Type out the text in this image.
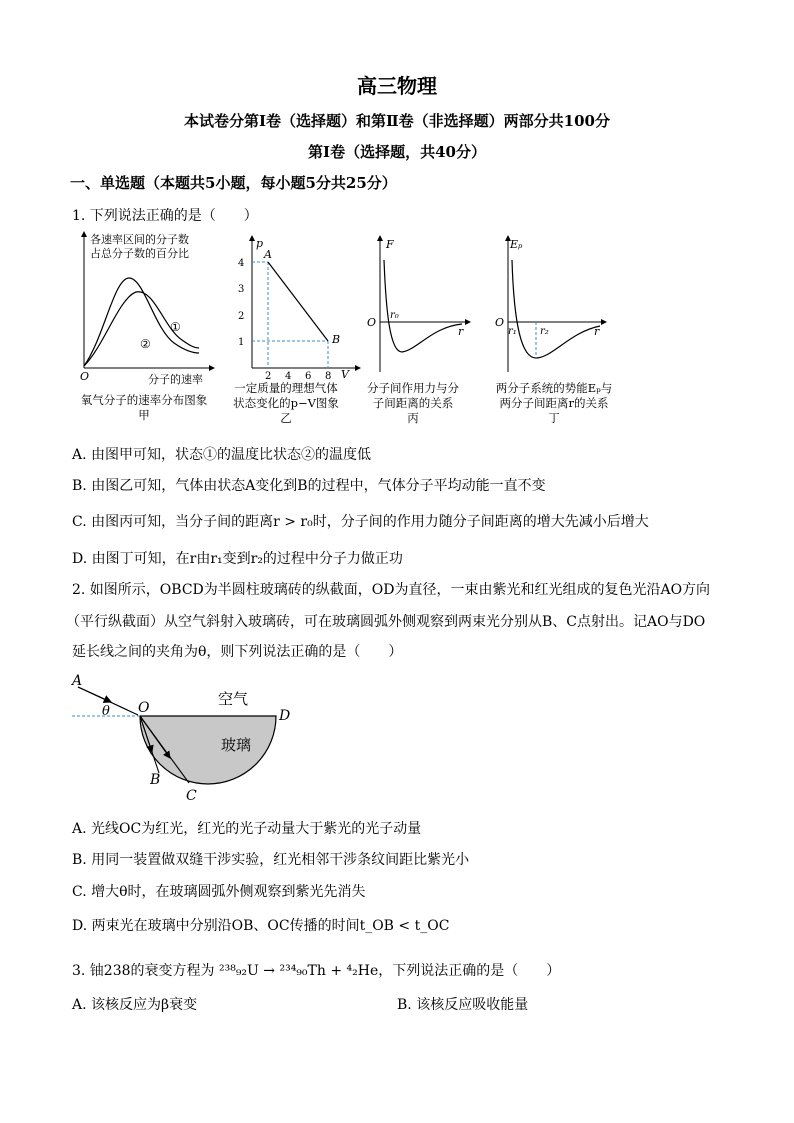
高三物理
本试卷分第Ⅰ卷（选择题）和第Ⅱ卷（非选择题）两部分共100分
第Ⅰ卷（选择题，共40分）
一、单选题（本题共5小题，每小题5分共25分）
1. 下列说法正确的是（　　）
O
①
②
分子的速率
各速率区间的分子数
占总分子数的百分比
氧气分子的速率分布图象
甲
p
A
B
V
4
3
2
1
2 4 6 8
一定质量的理想气体
状态变化的p−V图象
乙
F
O
r₀
r
分子间作用力与分
子间距离的关系
丙
Eₚ
O
r₁ r₂	r
两分子系统的势能Eₚ与
两分子间距离r的关系
丁
A. 由图甲可知，状态①的温度比状态②的温度低
B. 由图乙可知，气体由状态A变化到B的过程中，气体分子平均动能一直不变
C. 由图丙可知，当分子间的距离r > r₀时，分子间的作用力随分子间距离的增大先减小后增大
D. 由图丁可知，在r由r₁变到r₂的过程中分子力做正功
2. 如图所示，OBCD为半圆柱玻璃砖的纵截面，OD为直径，一束由紫光和红光组成的复色光沿AO方向
（平行纵截面）从空气斜射入玻璃砖，可在玻璃圆弧外侧观察到两束光分别从B、C点射出。记AO与DO
延长线之间的夹角为θ，则下列说法正确的是（　　）
A
θ O	空气
D
玻璃
B
C
A. 光线OC为红光，红光的光子动量大于紫光的光子动量
B. 用同一装置做双缝干涉实验，红光相邻干涉条纹间距比紫光小
C. 增大θ时，在玻璃圆弧外侧观察到紫光先消失
D. 两束光在玻璃中分别沿OB、OC传播的时间t_OB < t_OC
3. 铀238的衰变方程为 ²³⁸₉₂U → ²³⁴₉₀Th + ⁴₂He，下列说法正确的是（　　）
A. 该核反应为β衰变	B. 该核反应吸收能量
